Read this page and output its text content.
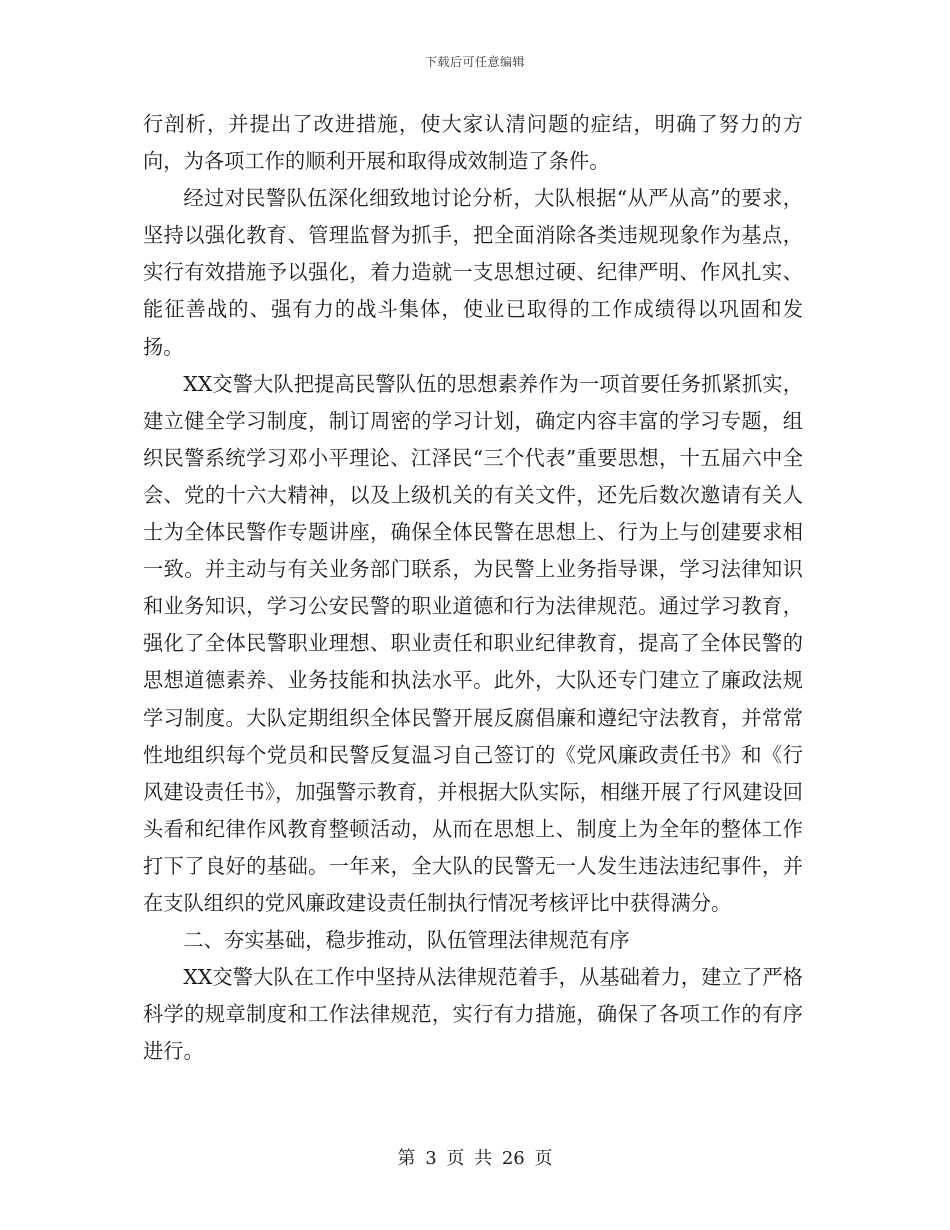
下载后可任意编辑

行剖析，并提出了改进措施，使大家认清问题的症结，明确了努力的方向，为各项工作的顺利开展和取得成效制造了条件。

经过对民警队伍深化细致地讨论分析，大队根据“从严从高”的要求，坚持以强化教育、管理监督为抓手，把全面消除各类违规现象作为基点，实行有效措施予以强化，着力造就一支思想过硬、纪律严明、作风扎实、能征善战的、强有力的战斗集体，使业已取得的工作成绩得以巩固和发扬。

XX交警大队把提高民警队伍的思想素养作为一项首要任务抓紧抓实，建立健全学习制度，制订周密的学习计划，确定内容丰富的学习专题，组织民警系统学习邓小平理论、江泽民“三个代表”重要思想，十五届六中全会、党的十六大精神，以及上级机关的有关文件，还先后数次邀请有关人士为全体民警作专题讲座，确保全体民警在思想上、行为上与创建要求相一致。并主动与有关业务部门联系，为民警上业务指导课，学习法律知识和业务知识，学习公安民警的职业道德和行为法律规范。通过学习教育，强化了全体民警职业理想、职业责任和职业纪律教育，提高了全体民警的思想道德素养、业务技能和执法水平。此外，大队还专门建立了廉政法规学习制度。大队定期组织全体民警开展反腐倡廉和遵纪守法教育，并常常性地组织每个党员和民警反复温习自己签订的《党风廉政责任书》和《行风建设责任书》，加强警示教育，并根据大队实际，相继开展了行风建设回头看和纪律作风教育整顿活动，从而在思想上、制度上为全年的整体工作打下了良好的基础。一年来，全大队的民警无一人发生违法违纪事件，并在支队组织的党风廉政建设责任制执行情况考核评比中获得满分。

二、夯实基础，稳步推动，队伍管理法律规范有序

XX交警大队在工作中坚持从法律规范着手，从基础着力，建立了严格科学的规章制度和工作法律规范，实行有力措施，确保了各项工作的有序进行。

第 3 页 共 26 页
